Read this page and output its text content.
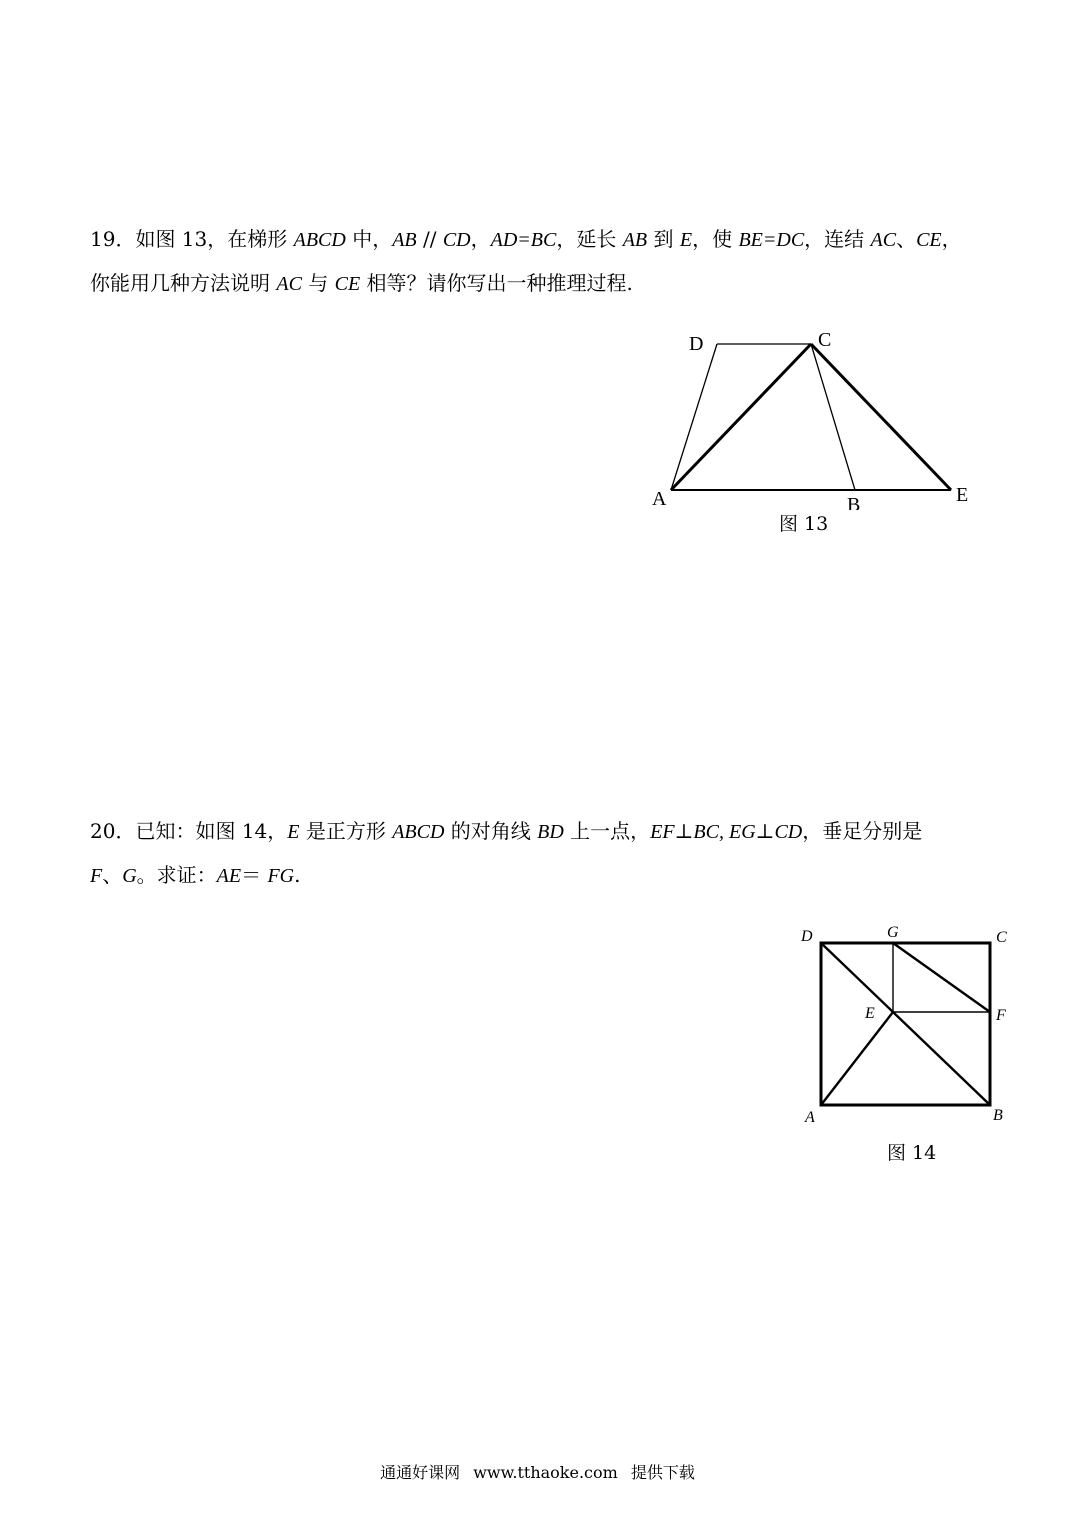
19．如图 13，在梯形 ABCD 中，AB // CD，AD=BC，延长 AB 到 E，使 BE=DC，连结 AC、CE，
你能用几种方法说明 AC 与 CE 相等？请你写出一种推理过程.

D	C
A	B	E
图 13

20．已知：如图 14，E 是正方形 ABCD 的对角线 BD 上一点，EF⊥BC, EG⊥CD，垂足分别是
F、G。求证：AE＝ FG.

D	G	C
E	F
A	B
图 14
通通好课网 www.tthaoke.com 提供下载
